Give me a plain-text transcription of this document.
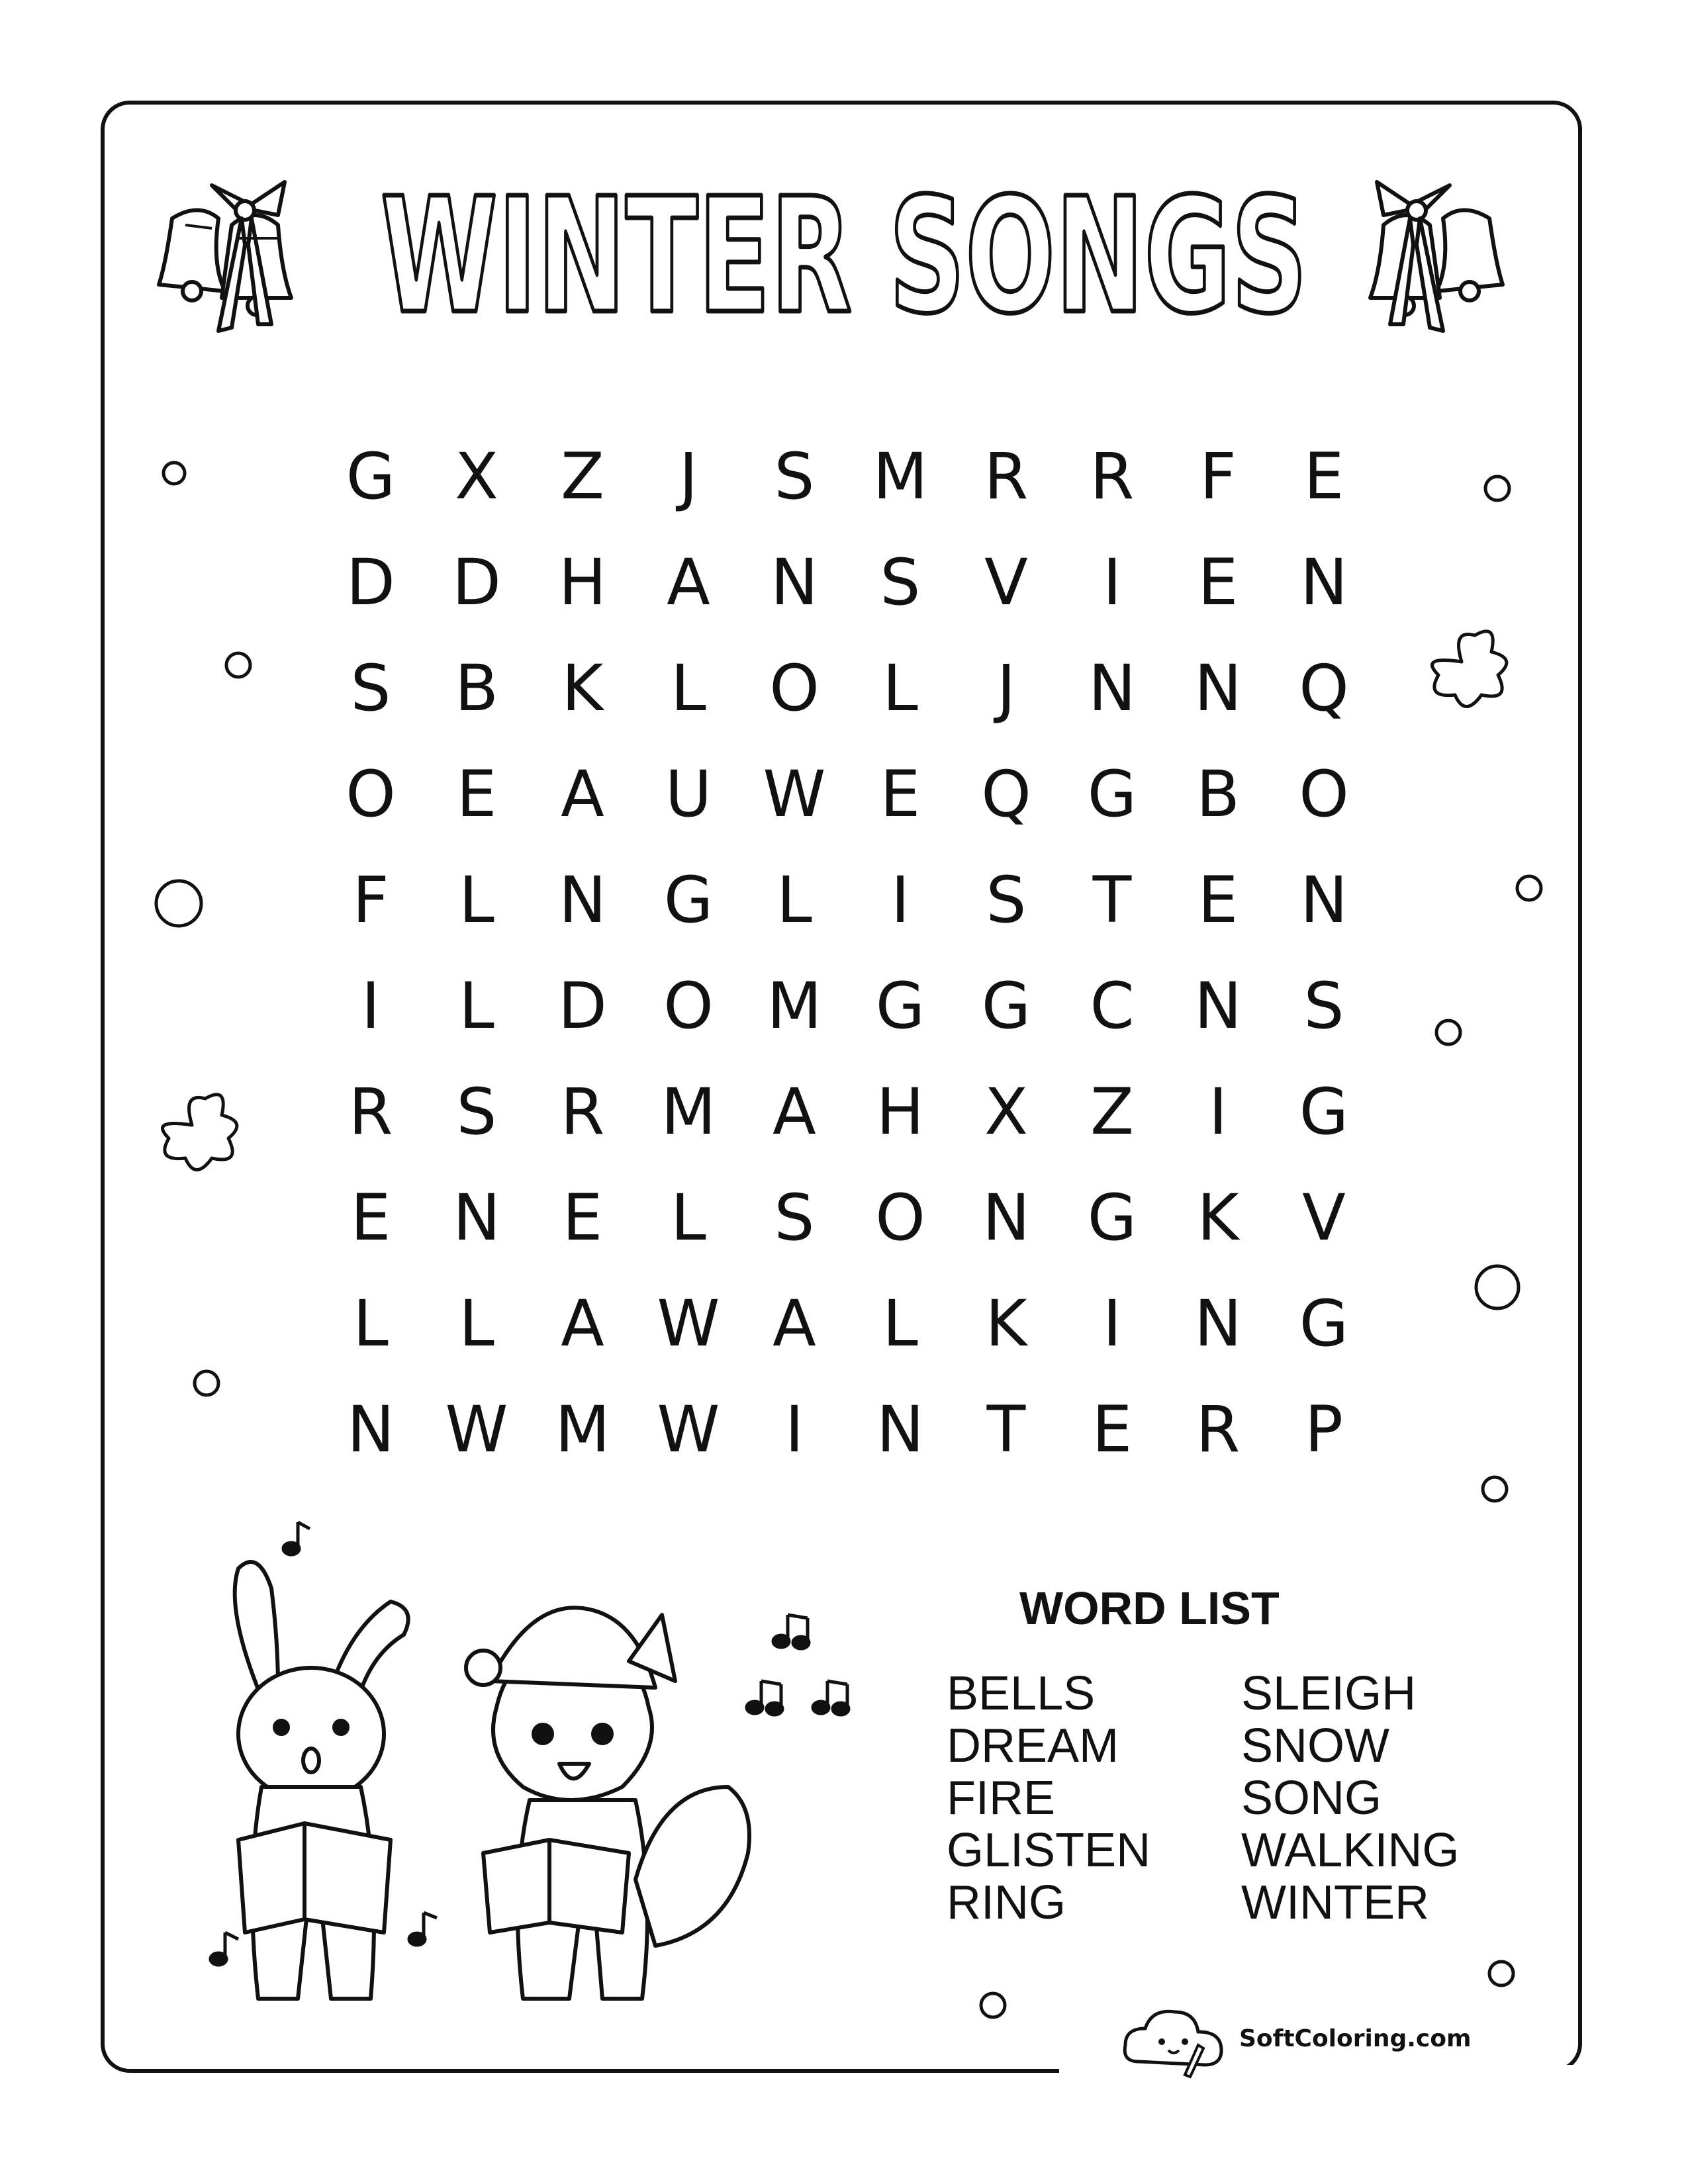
WINTER SONGS
G X Z	J	S M R R	F	E
D D H A N S	V	I	E N
S	B K	L O L	J	N N Q
O E	A U W E Q G B O
F	L	N G	L	I	S	T	E N
I	L	D O M G G C N S
R	S	R M A H X Z	I	G
E N E	L	S O N G K V
L	L	A W A	L	K	I	N G
N W M W	I	N T	E	R	P
WORD LIST
BELLS
DREAM
FIRE
GLISTEN
RING
SLEIGH
SNOW
SONG
WALKING
WINTER
SoftColoring.com
